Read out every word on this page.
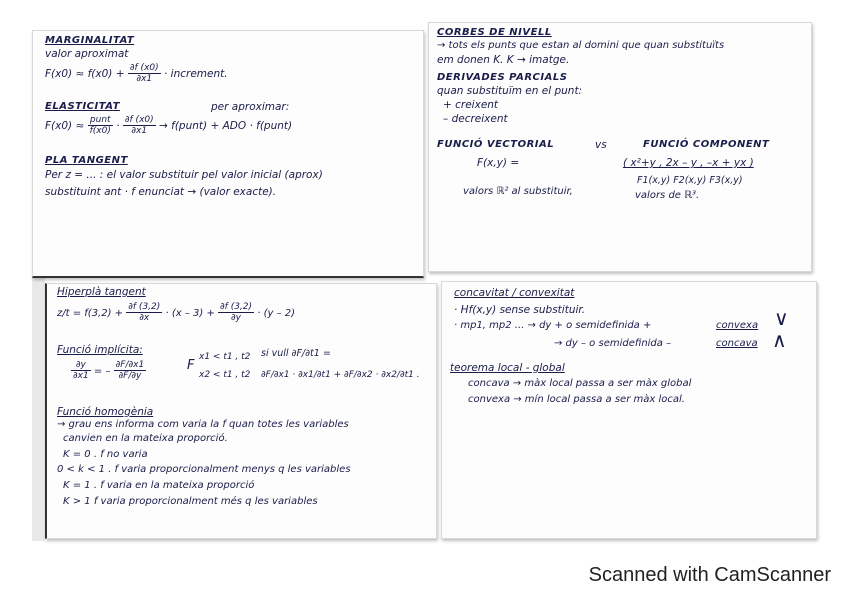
MARGINALITAT
valor aproximat
$F(x0) \approx f(x0) + \frac{\partial f (x0)}{\partial x1}$ · increment.
ELASTICITAT	per aproximar:
$F(x0) \approx \frac{\text{punt}}{f(x0)} \cdot \frac{\partial f (x0)}{\partial x1}$ → f(punt) + ADO · f(punt)
PLA TANGENT
Per z = ... : el valor substituir pel valor inicial (aprox)
substituint ant · f enunciat → (valor exacte).
CORBES DE NIVELL
→ tots els punts que estan al domini que quan substituïts
em donen K. K → imatge.
DERIVADES PARCIALS
quan substituïm en el punt:
+ creixent
– decreixent
FUNCIÓ VECTORIAL	vs	FUNCIÓ COMPONENT
F(x,y) =	( x²+y , 2x – y , –x + yx )
F1(x,y) F2(x,y) F3(x,y)
valors ℝ² al substituir,	valors de ℝ³.
Hiperplà tangent
$z/t = f(3,2) + \frac{\partial f (3,2)}{\partial x} \cdot (x - 3) + \frac{\partial f (3,2)}{\partial y} \cdot (y - 2)$
Funció implícita:
$\frac{\partial y}{\partial x1}$ = – $\frac{\partial F/\partial x1}{\partial F/\partial y}$	F
x1 < t1 , t2
x2 < t1 , t2
si vull ∂F/∂t1 =
∂F/∂x1 · ∂x1/∂t1 + ∂F/∂x2 · ∂x2/∂t1 .
Funció homogènia
→ grau ens informa com varia la f quan totes les variables
canvien en la mateixa proporció.
K = 0 . f no varia
0 < k < 1 . f varia proporcionalment menys q les variables
K = 1 . f varia en la mateixa proporció
K > 1 f varia proporcionalment més q les variables
concavitat / convexitat
· Hf(x,y) sense substituir.
· mp1, mp2 ... → dy + o semidefinida +	convexa ∨
→ dy – o semidefinida –	concava ∧
teorema local - global
concava → màx local passa a ser màx global
convexa → mín local passa a ser màx local.
Scanned with CamScanner
